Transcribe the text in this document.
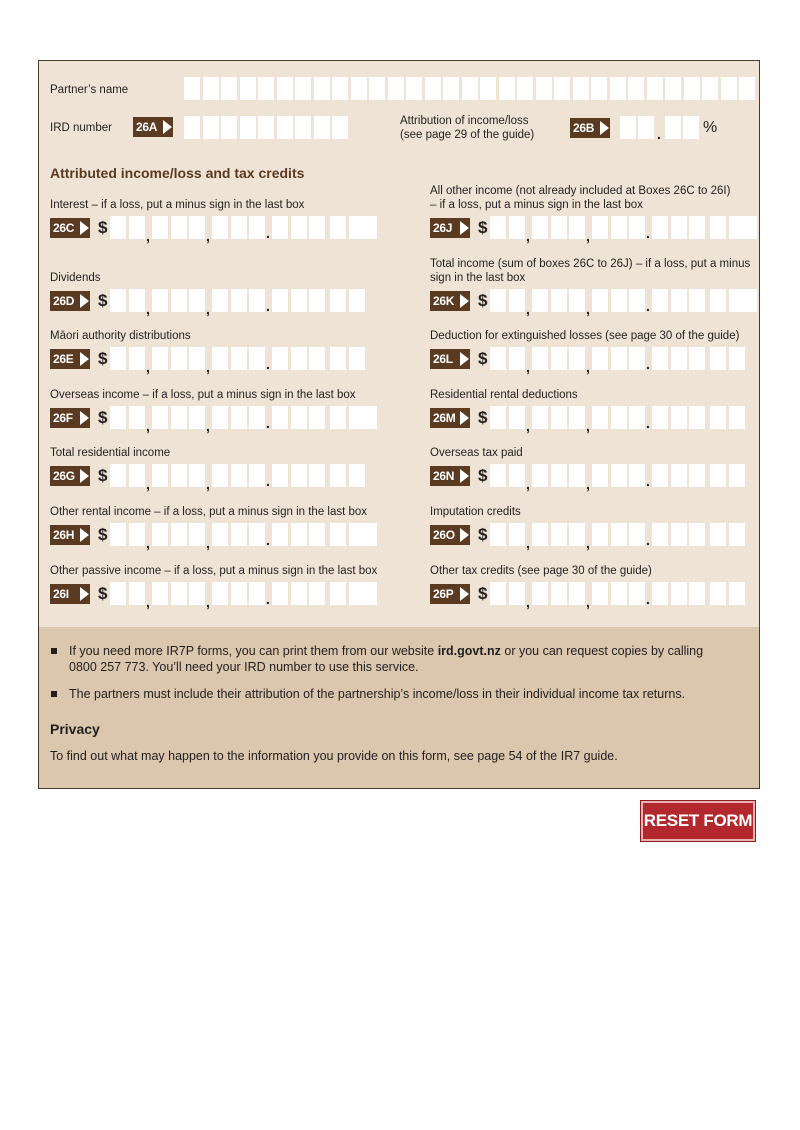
Partner’s name
IRD number 26A	Attribution of income/loss
(see page 29 of the guide)	26B	.	%
Attributed income/loss and tax credits
Interest – if a loss, put a minus sign in the last box
26C	$	,	,	.
Dividends
26D	$	,	,	.
Māori authority distributions
26E	$	,	,	.
Overseas income – if a loss, put a minus sign in the last box
26F	$	,	,	.
Total residential income
26G	$	,	,	.
Other rental income – if a loss, put a minus sign in the last box
26H	$	,	,	.
Other passive income – if a loss, put a minus sign in the last box
26I	$	,	,	.
All other income (not already included at Boxes 26C to 26I)
– if a loss, put a minus sign in the last box
26J	$	,	,	.
Total income (sum of boxes 26C to 26J) – if a loss, put a minus
sign in the last box
26K	$	,	,	.
Deduction for extinguished losses (see page 30 of the guide)
26L	$	,	,	.
Residential rental deductions
26M	$	,	,	.
Overseas tax paid
26N	$	,	,	.
Imputation credits
26O	$	,	,	.
Other tax credits (see page 30 of the guide)
26P	$	,	,	.
If you need more IR7P forms, you can print them from our website ird.govt.nz or you can request copies by calling
0800 257 773. You’ll need your IRD number to use this service.
The partners must include their attribution of the partnership’s income/loss in their individual income tax returns.
Privacy
To find out what may happen to the information you provide on this form, see page 54 of the IR7 guide.
RESET FORM
